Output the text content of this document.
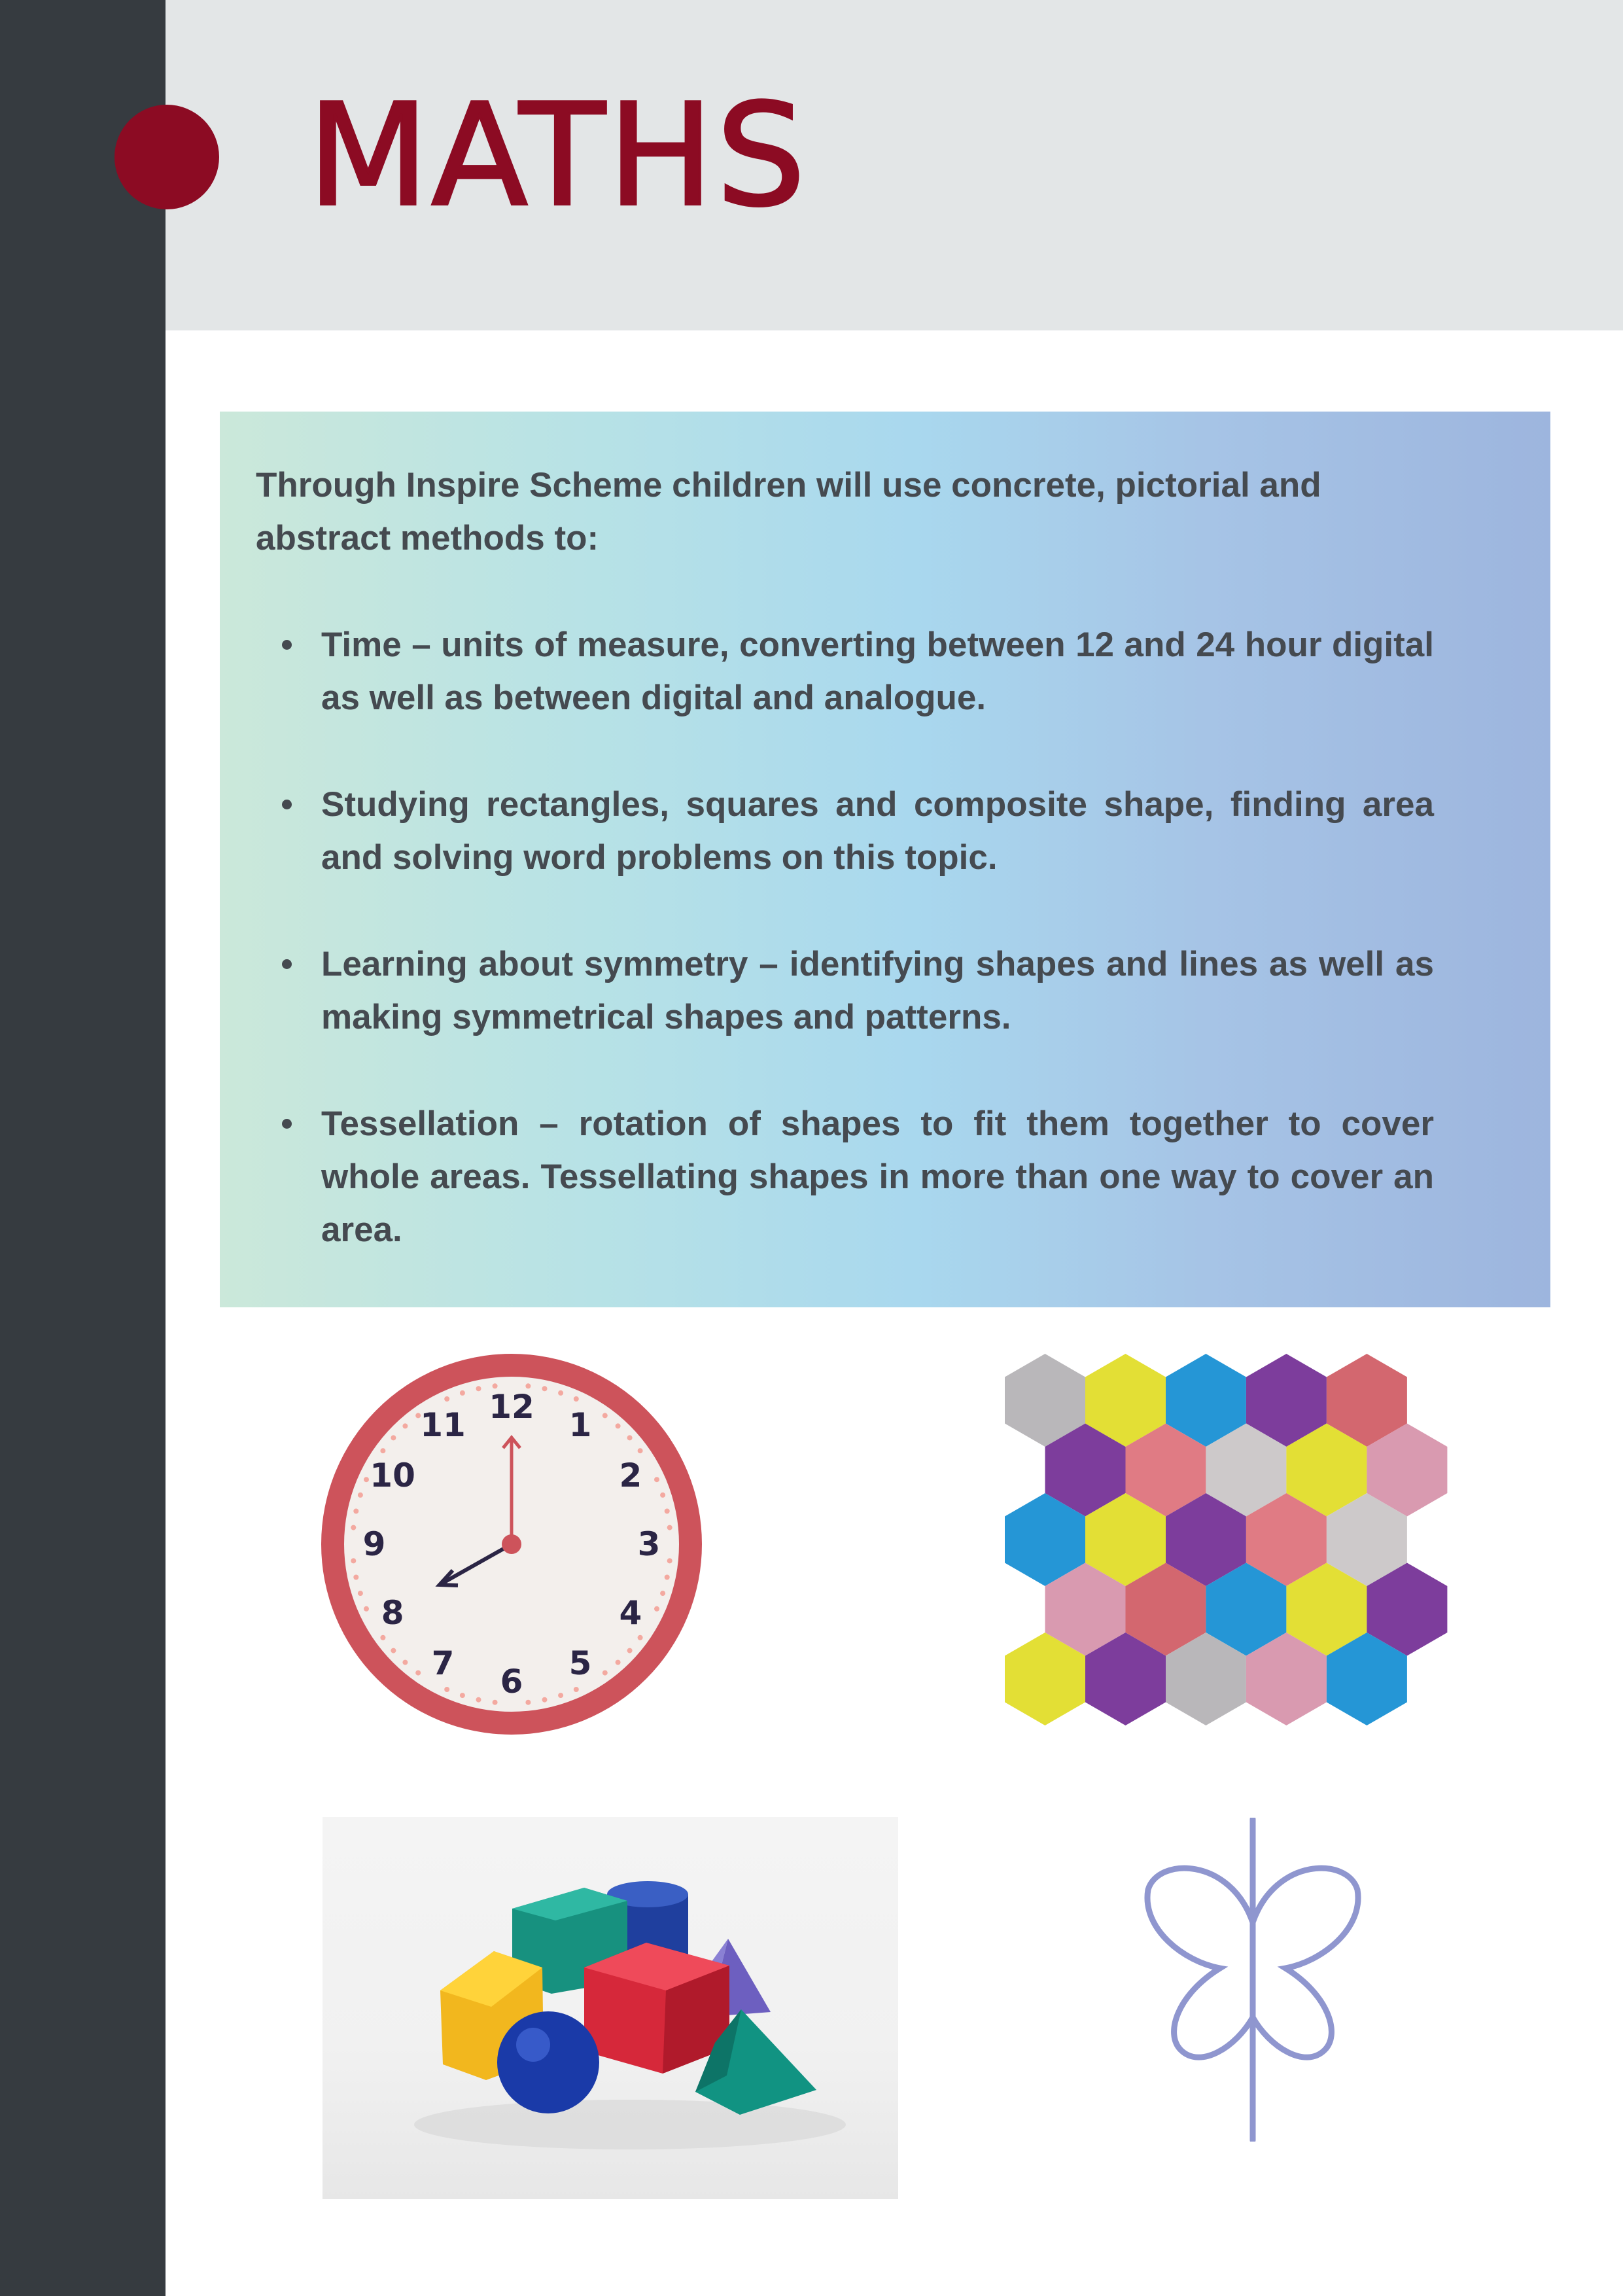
MATHS

Through Inspire Scheme children will use concrete, pictorial and abstract methods to:

Time – units of measure, converting between 12 and 24 hour digital as well as between digital and analogue.
Studying rectangles, squares and composite shape, finding area and solving word problems on this topic.
Learning about symmetry – identifying shapes and lines as well as making symmetrical shapes and patterns.
Tessellation – rotation of shapes to fit them together to cover whole areas. Tessellating shapes in more than one way to cover an area.
12 1
2
3
4
5
6
7
8
9
10
11
